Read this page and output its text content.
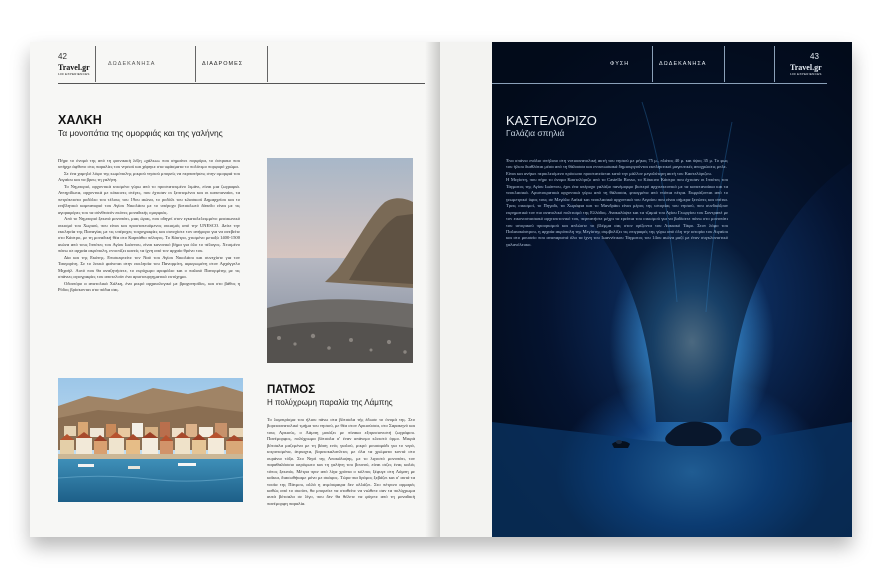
42
Travel.gr
100 EXPERIENCES
ΔΩΔΕΚΑΝΗΣΑ	ΔΙΑΔΡΟΜΕΣ
ΧΑΛΚΗ
Τα μονοπάτια της ομορφιάς και της γαλήνης

Πήρε το όνομά της από τη φοινικική λέξη «χάλκω» που σημαίνει πορφύρα, το όστρακο που υπήρχε άφθονο στις παραλίες του νησιού και χάρηκε στα υφάσματα το πολύτιμο πορφυρό χρώμα.

Σε ένα χαμηλό λόφο της κωμόπολης μικρού νησιού μπορείς να περπατήσεις στην ομορφιά του Αιγαίου και να βρεις τη γαλήνη.

Το Νημποριό, αρχοντικά κτισμένο γύρω από το προστατευμένο λιμάνι, είναι μια ζωγραφιά. Αντηρίδωτα, αρχοντικά με κόκκινες στέγες, που έχτισαν οι ξεπιτεμένοι και οι καπεταναίοι, τα πετρόκτιστα ροδόλιο του τέλους του 19ου αιώνα, το ροδόλι του κλασικού Δημαρχείου και το ενιβλητικό καμπαναριό του Αγίου Νικολάου με το υπέροχο βοτσαλωτό δάπεδο είναι με τις αγοραφόρες του τα σύνθεσεόν εκόνες μοναδικής ομορφιάς.

Από το Νημποριό ξεκινά μονοπάτι, μιας ώρας, που οδηγεί στον εγκαταλελειμμένο μεσαιωνικό οικισμό του Χωριού, που είναι και προστατευόμενος οικισμός από την UNESCO. Δείτε την εκκλησία της Παναγίας με τις υπέροχες τοιχογραφίες και συνεχίστε τον ανήφορο για να ανεβείτε στο Κάστρο, με τη μοναδική θέα στο Καρπάθιο πέλαγος. Το Κάστρο, χτισμένο μεταξύ 1400-1500 αιώνα από τους Ιππότες του Αγίου Ιωάννου, είναι κανονικό βήμα για όλο το πέλαγος. Χτισμένο πάνω σε αρχαία ακρόπολη, εντοπίζει κανείς τα ίχνη από τον αρχαίο θρόνο του.

Δία και της Εκάτης. Επισκεφτείτε τον Ναό του Αγίου Νικολάου και συνεχίστε για τον Ταυγαρίτη. Σε το λευκό φαίνεται στην εκκλησία του Πανορμίτη, αφιερωμένη στον Αρχάγγελο Μιχαήλ. Αυτό που θα αναζητήσετε, το ευρύχωρο αροφάλιο και ο παλαιό Πανορμίτης με τις σπάνιες αγιογραφίες του αποτελούν ένα αριστουργηματικό ευτύχημα.

Οδοιπόρο α ανατολικά Χάλκη, ένα μικρό αρχαιολογικό με βραχονησίδες, και στο βάθος η Ρόδος βρίσκονται στα πόδια σας.

ΠΑΤΜΟΣ
Η πολύχρωμη παραλία της Λάμπης

Το λαμπιρίσμα του ήλιου πάνω στα βότσαλα τής έδωσε το όνομά της. Στο βορειοανατολικό τμήμα του νησιού, με θέα στον Αρκιούσσα, στο Σαρακηνό και τους Αρκιούς, ο Λάμπη μοιάζει με πίνακα εξπρεσιονιστή ζωγράφου. Πανέμορφος, πολύχρωμα βότσαλα σ' έναν απάνεμο κλειστό όρμο. Μικρά βότσαλα μαζεμένα με τη βάση ενός γιαλού, μικρό μουσαμάδι για το νερό, κιτρινισμένα, άτριαχτα, βορειοκαλανλιτες με όλα τα χρώματα κοντά στο ουράνιο τόξο. Στο Νησί της Αποκάλυψης, με το λιγοστό μονοπάτι, τον παραθαλάσσιο αερόφωτο και τη γαλήνη του βουνού, είναι σιζες ένας καλός τόπος ξεκινάς. Μέτρα πριν από λίγα χρόνια ο κόλπος ξέφυγε στη Λάμπη με καΐκια, διασωθήκαμε μόνο με σκάφος. Τώρα πια δρόμος ξεβάζει και σ' αυτά τα νοσία της Πάτμου, αλλά η ατμόσφαιρα δεν αλλάζει. Στο πέτρινο αρμαρές καθώς από το σκούνι, θα μπορείτε να σταθείτε να νιώθετε σαν τα πολύχρωμα αυτά βότσαλα σε λίγο, που δεν θα θέλετε να φύγετε από τη μοναδική πανέμορφη παραλία.

ΦΥΣΗ	ΔΩΔΕΚΑΝΗΣΑ
43
Travel.gr
100 EXPERIENCES
ΚΑΣΤΕΛΟΡΙΖΟ
Γαλάζια σπηλιά

Ένα σπάνιο ενάλιο σπήλαιο στη νοτιοανατολική ακτή του νησιού με μήκος 75 μ., πλάτος 40 μ. και ύψος 35 μ. Το φως του ήλιου διαθλάται μέσα από τη θάλασσα και εντυπωσιακά δημιουργούνται εκπληκτικοί μαγευτικές αποχρώσεις μπλε.

Είναι και ανήκει περικλειόμενο πρόσωπο προστατεύεται κατά την μάλλον μεγαλύτερη ακτή του Καστελόριζου.

Η Μεγίστη, που πήρε το όνομα Καστελόριζο από το Castello Rosso, το Κόκκινο Κάστρο που έχτισαν οι Ιππότες του Τάγματος της Αγίου Ιωάννου, έχει ένα υπέροχο γαλάζιο πανέμορφο βιστερό αρχιτεκτονικό με τα καπεταναίικα και τα νεοκλασικά. Αριστοκρατικά αρχοντικά γύρω από τη θάλασσα, φτιαγμένα από ντόπια πέτρα. Εκφράζονται από το γεωμετρικό ύφος τους σε Μεγάλα Λαϊκά και νεοκλασικά αρχοντικά του Αιγαίου που είναι σήμερα ξενώνες και σπίτια. Τρεις οικισμοί, το Πηγαδι, τα Χωράφια και το Μανδράκι είναι μέρος της ιστορίας του νησιού, που συνδυάζουν ευρηματικά τον πιο ανατολικό πολιτισμό της Ελλάδος. Ανακαλύψτε και τα τζαμιά του Αγίου Γεωργίου του Σαντραπέ με τον εικονοστασιακό αρχιτεκτονικό του, περπατήστε μέχρι τα ερείπια του οικισμού για να βαδίσετε πάνω στο μονοπάτι του ιστορικού προορισμού και απλώστε το βλέμμα σας στον ορίζοντα του Λυκιακό Τάφο. Στον λόφο του Παλαιοκάστρου, η αρχαία ακρόπολη της Μεγίστης συμβολίζει τις επιγραφές της γύρω από όλη την ιστορία του Αιγαίου και στο μουσείο που αναπαριστά όλα τα ίχνη του Ιωαννίτικου Τάγματος του 14ου αιώνα μαζί με έναν συγκλονιστικό γαλανόλευκο.
